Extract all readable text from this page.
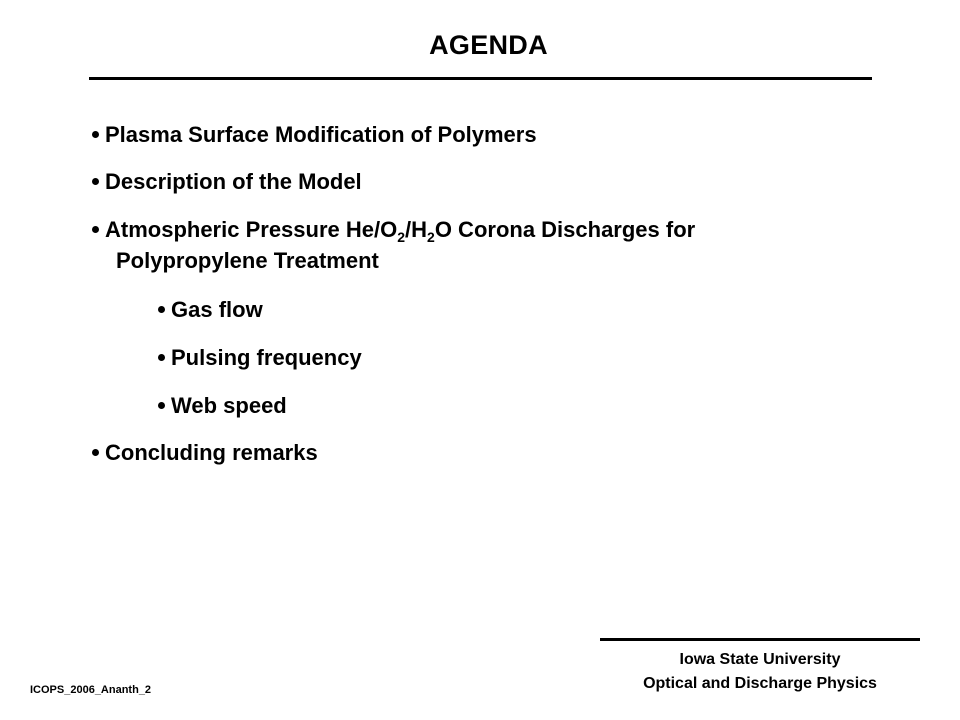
AGENDA
Plasma Surface Modification of Polymers
Description of the Model
Atmospheric Pressure $He/O_2/H_2O$ Corona Discharges for
Polypropylene Treatment
Gas flow
Pulsing frequency
Web speed
Concluding remarks
Iowa State University
Optical and Discharge Physics
ICOPS_2006_Ananth_2
